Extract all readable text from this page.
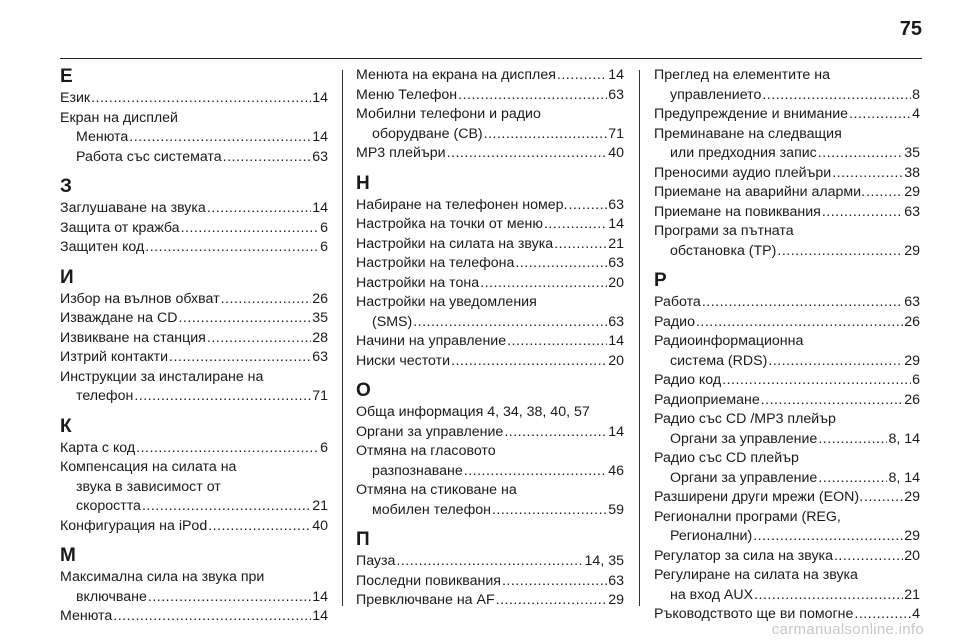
75
Е
Език .....	14
Екран на дисплей
Менюта .....	14
Работа със системата .....	63
З
Заглушаване на звука .....	14
Защита от кражба .....	6
Защитен код .....	6
И
Избор на вълнов обхват .....	26
Изваждане на CD .....	35
Извикване на станция .....	28
Изтрий контакти .....	63
Инструкции за инсталиране на
телефон .....	71
К
Карта с код .....	6
Компенсация на силата на
звука в зависимост от
скоростта .....	21
Конфигурация на iPod .....	40
М
Максимална сила на звука при
включване .....	14
Менюта .....	14
Менюта на екрана на дисплея .....	14
Меню Телефон .....	63
Мобилни телефони и радио
оборудване (CB) .....	71
MP3 плейъри .....	40
Н
Набиране на телефонен номер. .....	63
Настройка на точки от меню .....	14
Настройки на силата на звука .....	21
Настройки на телефона .....	63
Настройки на тона .....	20
Настройки на уведомления
(SMS) .....	63
Начини на управление .....	14
Ниски честоти .....	20
О
Обща информация 4, 34, 38, 40, 57
Органи за управление .....	14
Отмяна на гласовото
разпознаване .....	46
Отмяна на стиковане на
мобилен телефон .....	59
П
Пауза .....	14, 35
Последни повиквания .....	63
Превключване на AF .....	29
Преглед на елементите на
управлението .....	8
Предупреждение и внимание .....	4
Преминаване на следващия
или предходния запис .....	35
Преносими аудио плейъри .....	38
Приемане на аварийни аларми. .....	29
Приемане на повиквания .....	63
Програми за пътната
обстановка (TP) .....	29
Р
Работа .....	63
Радио .....	26
Радиоинформационна
система (RDS) .....	29
Радио код .....	6
Радиоприемане .....	26
Радио със CD /MP3 плейър
Органи за управление .....	8, 14
Радио със CD плейър
Органи за управление .....	8, 14
Разширени други мрежи (EON). .....	29
Регионални програми (REG,
Регионални) .....	29
Регулатор за сила на звука .....	20
Регулиране на силата на звука
на вход AUX .....	21
Ръководството ще ви помогне .....	4
carmanualsonline.info
